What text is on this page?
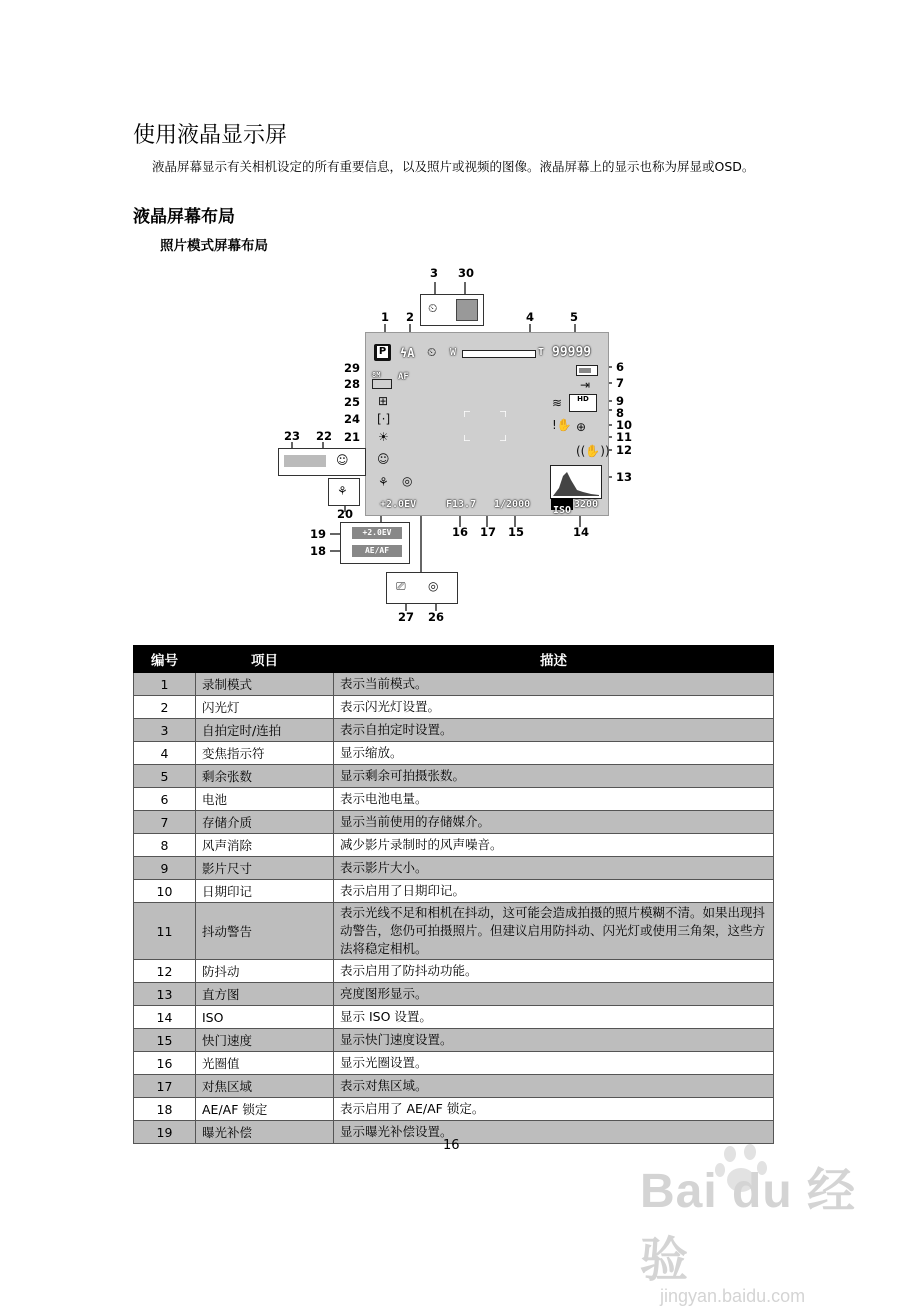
使用液晶显示屏
液晶屏幕显示有关相机设定的所有重要信息，以及照片或视频的图像。液晶屏幕上的显示也称为屏显或OSD。
液晶屏幕布局
照片模式屏幕布局
⏲
P ϟA ⏲ W	T 99999
⇥
≋	HD
!✋ ⊕
((✋))
8M AF
⊞
[·]
☀
☺
⚘ ◎
+2.0EV	F13.7 1/2000
ISO
3200
☺
⚘
+2.0EV
AE/AF
⎚ ◎
3 30
1 2	4	5
6
7
9
8
10
11
12
13
29
28
25
24
21
23 22
20
19
18
16 17 15	14
27 26
编号	项目	描述
1	录制模式	表示当前模式。
2	闪光灯	表示闪光灯设置。
3	自拍定时/连拍	表示自拍定时设置。
4	变焦指示符	显示缩放。
5	剩余张数	显示剩余可拍摄张数。
6	电池	表示电池电量。
7	存储介质	显示当前使用的存储媒介。
8	风声消除	减少影片录制时的风声噪音。
9	影片尺寸	表示影片大小。
10	日期印记	表示启用了日期印记。
11	抖动警告	表示光线不足和相机在抖动，这可能会造成拍摄的照片模糊不清。如果出现抖动警告，您仍可拍摄照片。但建议启用防抖动、闪光灯或使用三角架，这些方法将稳定相机。
12	防抖动	表示启用了防抖动功能。
13	直方图	亮度图形显示。
14	ISO	显示 ISO 设置。
15	快门速度	显示快门速度设置。
16	光圈值	显示光圈设置。
17	对焦区域	表示对焦区域。
18	AE/AF 锁定	表示启用了 AE/AF 锁定。
19	曝光补偿	显示曝光补偿设置。
16
Bai du 经验
jingyan.baidu.com
